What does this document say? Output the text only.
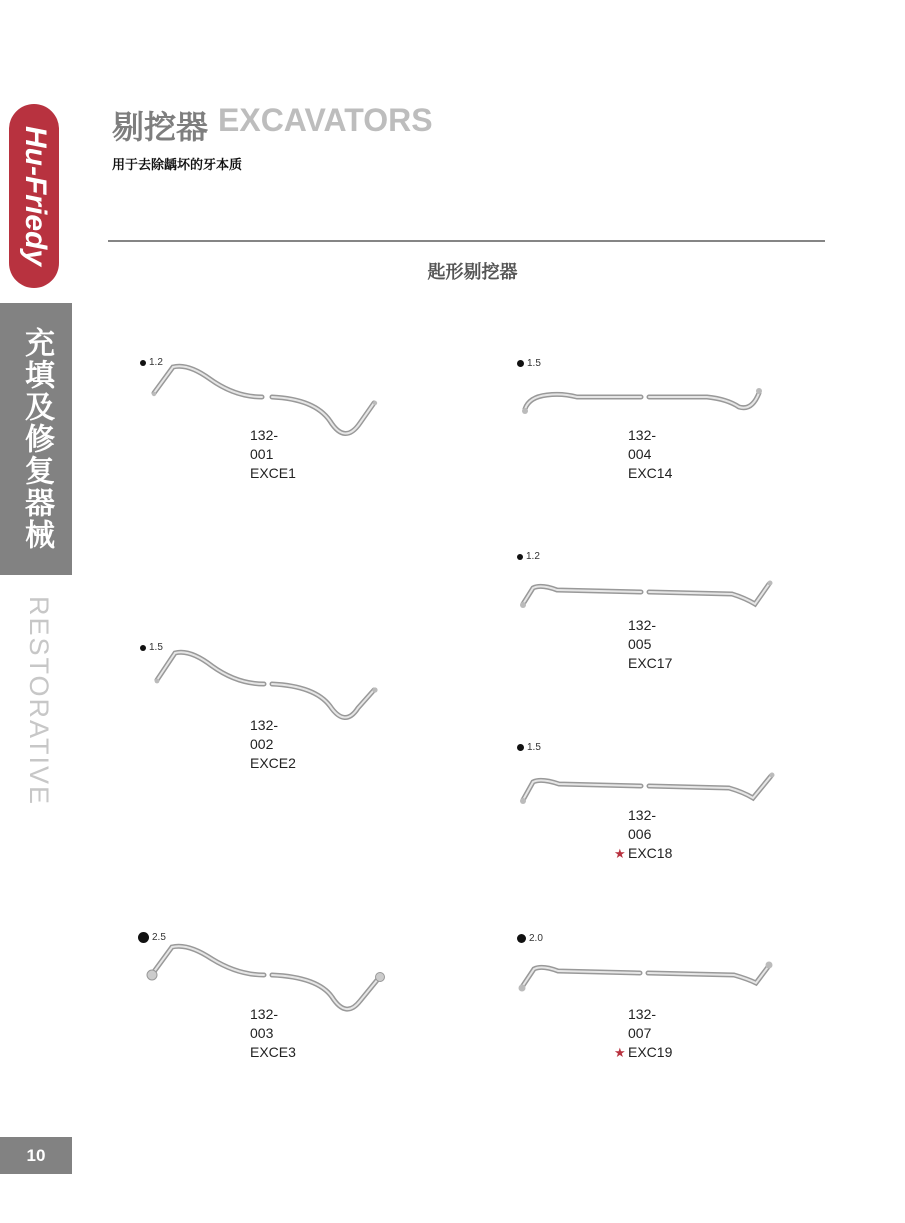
Hu-Friedy
充填及修复器械
RESTORATIVE
10
剔挖器 EXCAVATORS
用于去除龋坏的牙本质
匙形剔挖器
1.2
132-001
EXCE1
1.5
132-002
EXCE2
2.5
132-003
EXCE3
1.5
132-004
EXC14
1.2
132-005
EXC17
1.5
132-006
★ EXC18
2.0
132-007
★ EXC19
